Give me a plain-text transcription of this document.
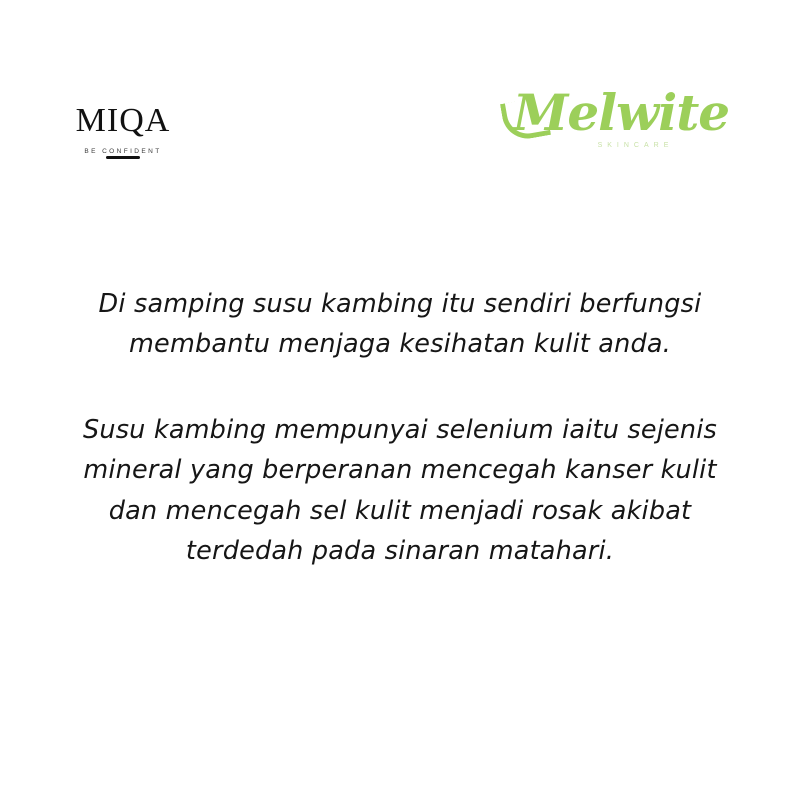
MIQA
BE CONFIDENT
Melwite
SKINCARE

Di samping susu kambing itu sendiri berfungsi membantu menjaga kesihatan kulit anda.

Susu kambing mempunyai selenium iaitu sejenis mineral yang berperanan mencegah kanser kulit dan mencegah sel kulit menjadi rosak akibat terdedah pada sinaran matahari.
